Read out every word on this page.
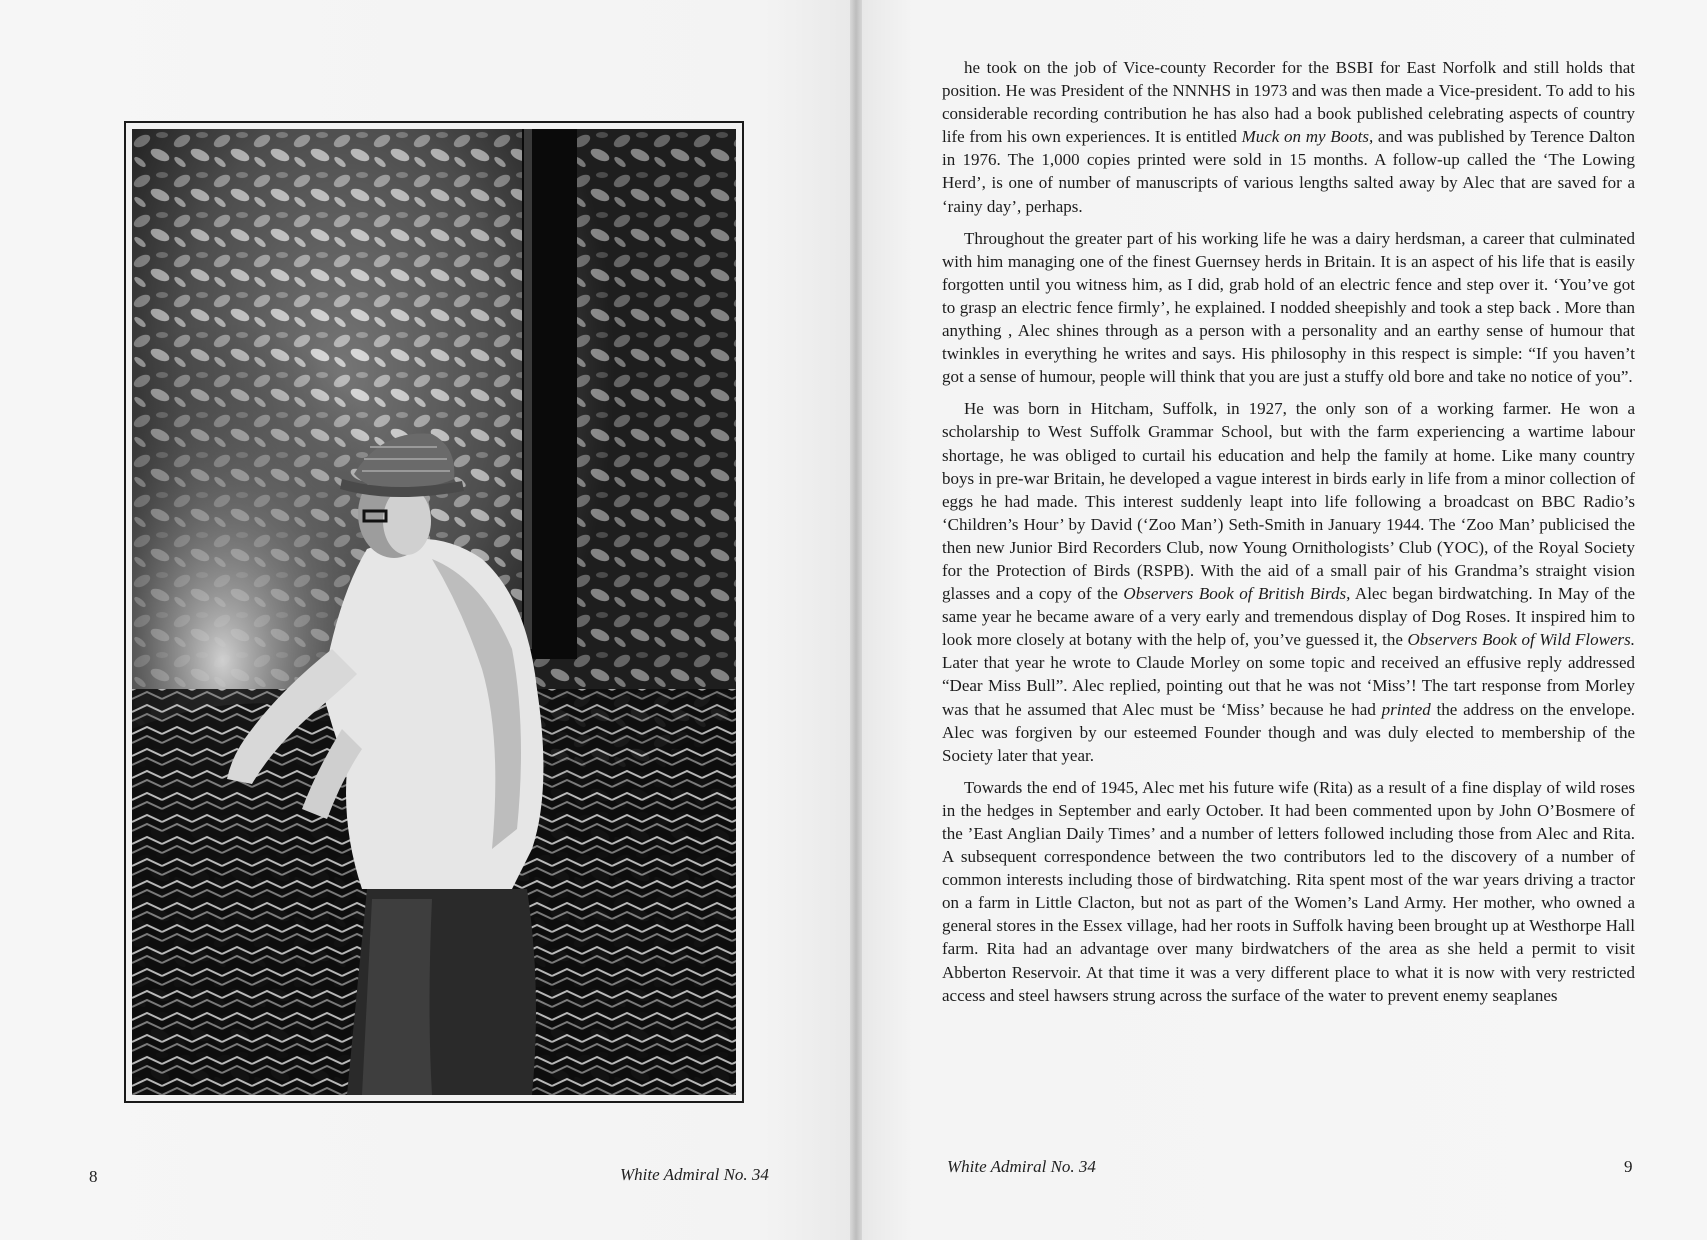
8	White Admiral No. 34

he took on the job of Vice-county Recorder for the BSBI for East Norfolk and still holds that position. He was President of the NNNHS in 1973 and was then made a Vice-president. To add to his considerable recording contribution he has also had a book published celebrating aspects of country life from his own experiences. It is entitled Muck on my Boots, and was published by Terence Dalton in 1976. The 1,000 copies printed were sold in 15 months. A follow-up called the ‘The Lowing Herd’, is one of number of manuscripts of various lengths salted away by Alec that are saved for a ‘rainy day’, perhaps.

Throughout the greater part of his working life he was a dairy herdsman, a career that culminated with him managing one of the finest Guernsey herds in Britain. It is an aspect of his life that is easily forgotten until you witness him, as I did, grab hold of an electric fence and step over it. ‘You’ve got to grasp an electric fence firmly’, he explained. I nodded sheepishly and took a step back . More than anything , Alec shines through as a person with a personality and an earthy sense of humour that twinkles in everything he writes and says. His philosophy in this respect is simple: “If you haven’t got a sense of humour, people will think that you are just a stuffy old bore and take no notice of you”.

He was born in Hitcham, Suffolk, in 1927, the only son of a working farmer. He won a scholarship to West Suffolk Grammar School, but with the farm experiencing a wartime labour shortage, he was obliged to curtail his education and help the family at home. Like many country boys in pre-war Britain, he developed a vague interest in birds early in life from a minor collection of eggs he had made. This interest suddenly leapt into life following a broadcast on BBC Radio’s ‘Children’s Hour’ by David (‘Zoo Man’) Seth-Smith in January 1944. The ‘Zoo Man’ publicised the then new Junior Bird Recorders Club, now Young Ornithologists’ Club (YOC), of the Royal Society for the Protection of Birds (RSPB). With the aid of a small pair of his Grandma’s straight vision glasses and a copy of the Observers Book of British Birds, Alec began birdwatching. In May of the same year he became aware of a very early and tremendous display of Dog Roses. It inspired him to look more closely at botany with the help of, you’ve guessed it, the Observers Book of Wild Flowers. Later that year he wrote to Claude Morley on some topic and received an effusive reply addressed “Dear Miss Bull”. Alec replied, pointing out that he was not ‘Miss’! The tart response from Morley was that he assumed that Alec must be ‘Miss’ because he had printed the address on the envelope. Alec was forgiven by our esteemed Founder though and was duly elected to membership of the Society later that year.

Towards the end of 1945, Alec met his future wife (Rita) as a result of a fine display of wild roses in the hedges in September and early October. It had been commented upon by John O’Bosmere of the ’East Anglian Daily Times’ and a number of letters followed including those from Alec and Rita. A subsequent correspondence between the two contributors led to the discovery of a number of common interests including those of birdwatching. Rita spent most of the war years driving a tractor on a farm in Little Clacton, but not as part of the Women’s Land Army. Her mother, who owned a general stores in the Essex village, had her roots in Suffolk having been brought up at Westhorpe Hall farm. Rita had an advantage over many birdwatchers of the area as she held a permit to visit Abberton Reservoir. At that time it was a very different place to what it is now with very restricted access and steel hawsers strung across the surface of the water to prevent enemy seaplanes

White Admiral No. 34	9
